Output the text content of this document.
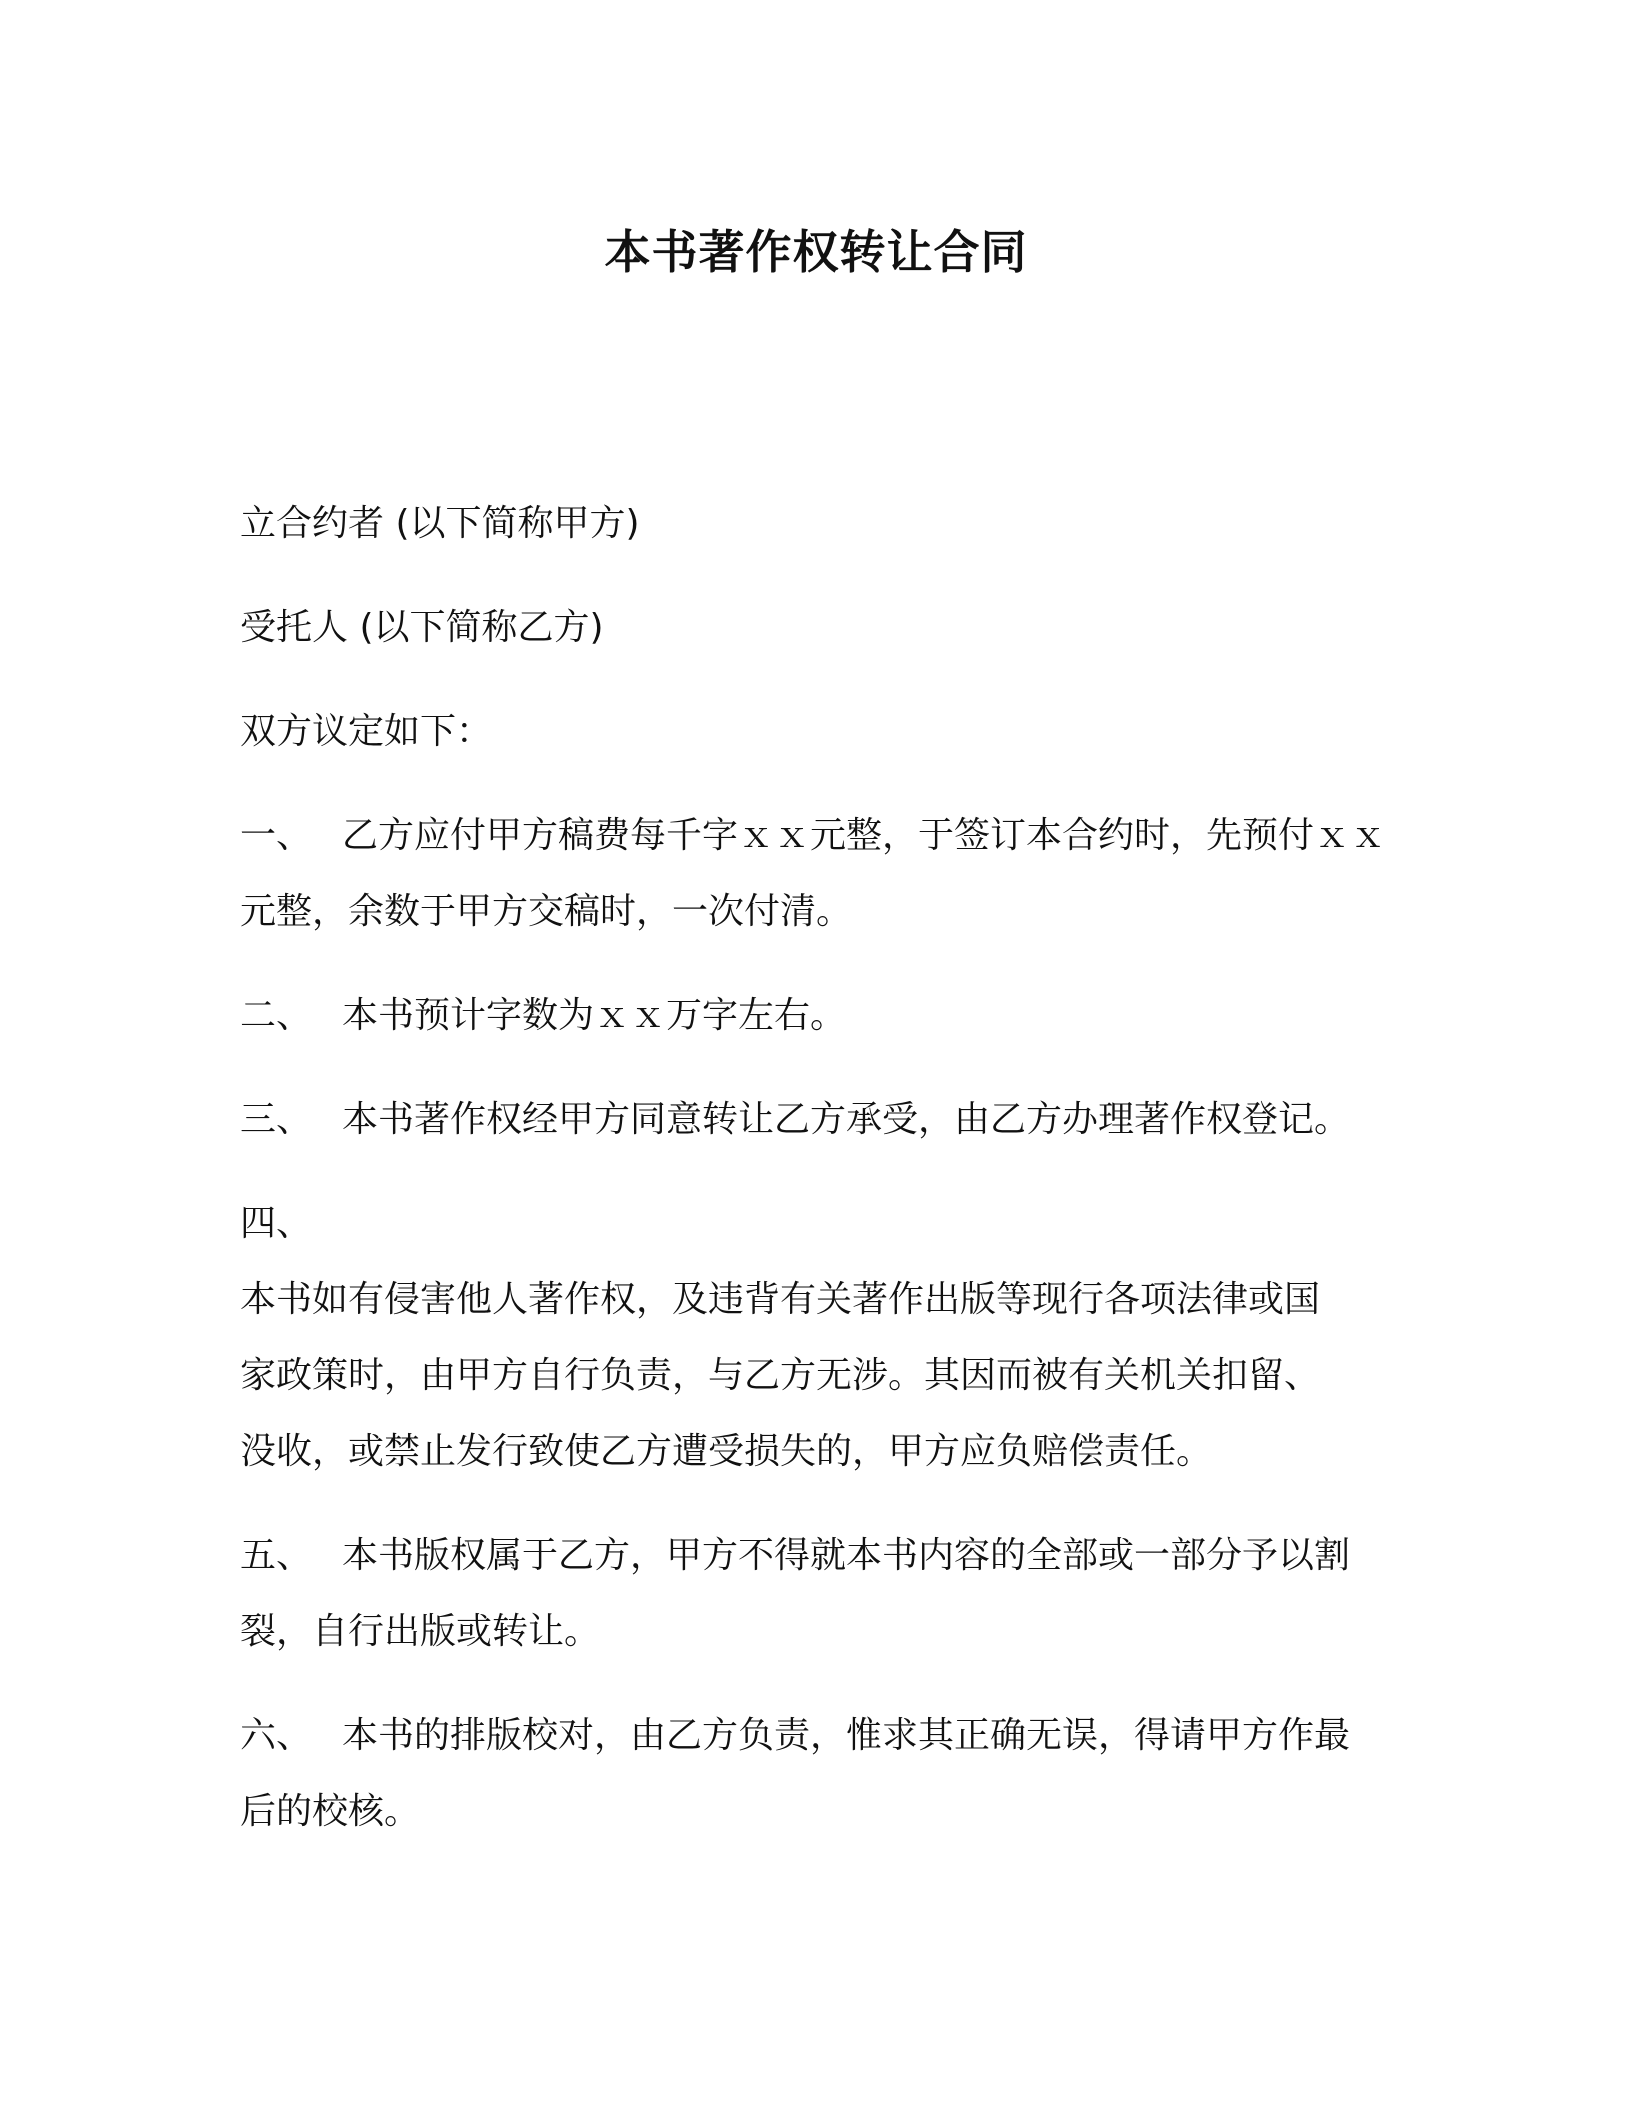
本书著作权转让合同

立合约者 (以下简称甲方)

受托人 (以下简称乙方)

双方议定如下：

一、 乙方应付甲方稿费每千字ｘｘ元整，于签订本合约时，先预付ｘｘ

元整，余数于甲方交稿时，一次付清。

二、 本书预计字数为ｘｘ万字左右。

三、 本书著作权经甲方同意转让乙方承受，由乙方办理著作权登记。

四、

本书如有侵害他人著作权，及违背有关著作出版等现行各项法律或国

家政策时，由甲方自行负责，与乙方无涉。其因而被有关机关扣留、

没收，或禁止发行致使乙方遭受损失的，甲方应负赔偿责任。

五、 本书版权属于乙方，甲方不得就本书内容的全部或一部分予以割

裂，自行出版或转让。

六、 本书的排版校对，由乙方负责，惟求其正确无误，得请甲方作最

后的校核。
